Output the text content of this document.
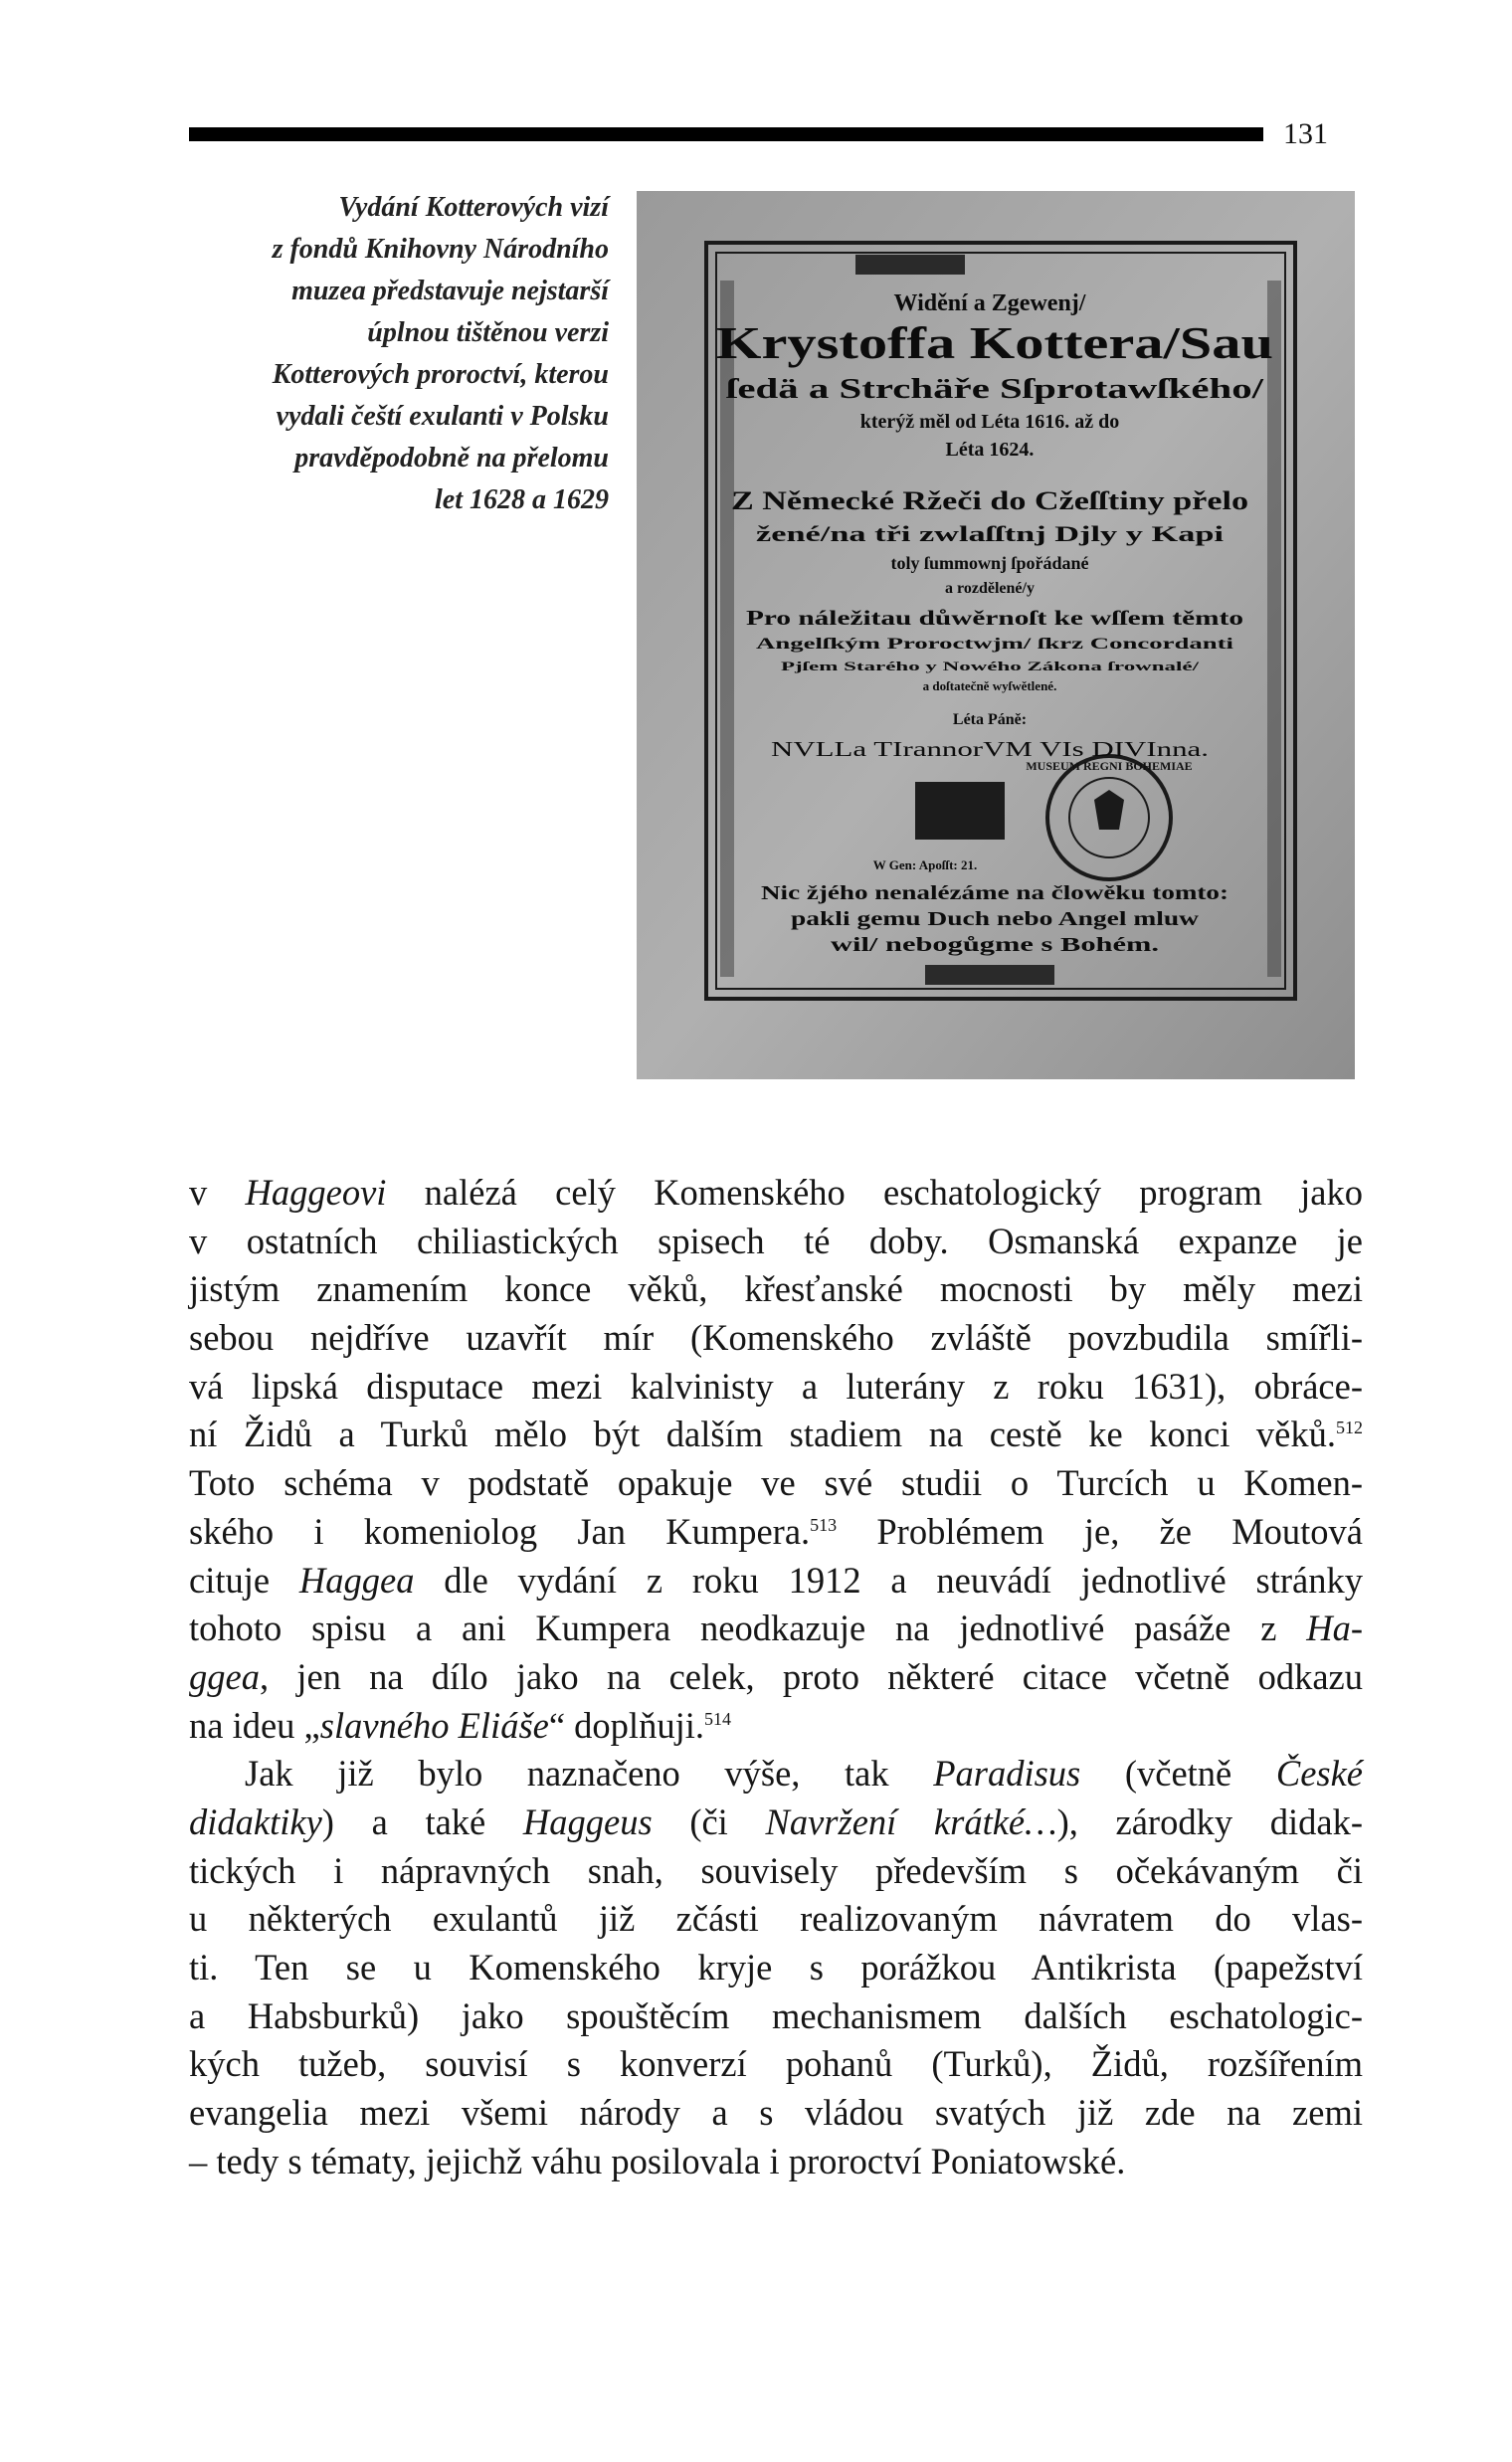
131
Vydání Kotterových vizí
z fondů Knihovny Národního
muzea představuje nejstarší
úplnou tištěnou verzi
Kotterových proroctví, kterou
vydali čeští exulanti v Polsku
pravděpodobně na přelomu
let 1628 a 1629
MUSEUM REGNI BOHEMIAE
Widění a Zgewenj/
Krystoffa Kottera/Sau
ſedä a Strchäře Sſprotawſkého/
kterýž měl od Léta 1616. až do
Léta 1624.
Z Německé Ržeči do Cžeſſtiny přelo
žené/na tři zwlaſſtnj Djly y Kapi
toly ſummownj ſpořádané
a rozdělené/y
Pro náležitau důwěrnoſt ke wſſem těmto
Angelſkým Proroctwjm/ ſkrz Concordanti
Pjſem Starého y Nowého Zákona ſrownalé/
a doſtatečně wyſwětlené.
Léta Páně:
NVLLa TIrannorVM VIs DIVInna.
W Gen: Apoſſt: 21.
Nic žjého nenalézáme na člowěku tomto:
pakli gemu Duch nebo Angel mluw
wil/ nebogůgme s Bohém.
v Haggeovi nalézá celý Komenského eschatologický program jako
v ostatních chiliastických spisech té doby. Osmanská expanze je
jistým znamením konce věků, křesťanské mocnosti by měly mezi
sebou nejdříve uzavřít mír (Komenského zvláště povzbudila smířli-
vá lipská disputace mezi kalvinisty a luterány z roku 1631), obráce-
ní Židů a Turků mělo být dalším stadiem na cestě ke konci věků.$^{512}$
Toto schéma v podstatě opakuje ve své studii o Turcích u Komen-
ského i komeniolog Jan Kumpera.$^{513}$ Problémem je, že Moutová
cituje Haggea dle vydání z roku 1912 a neuvádí jednotlivé stránky
tohoto spisu a ani Kumpera neodkazuje na jednotlivé pasáže z Ha-
ggea, jen na dílo jako na celek, proto některé citace včetně odkazu
na ideu „slavného Eliáše“ doplňuji.$^{514}$
Jak již bylo naznačeno výše, tak Paradisus (včetně České
didaktiky) a také Haggeus (či Navržení krátké…), zárodky didak-
tických i nápravných snah, souvisely především s očekávaným či
u některých exulantů již zčásti realizovaným návratem do vlas-
ti. Ten se u Komenského kryje s porážkou Antikrista (papežství
a Habsburků) jako spouštěcím mechanismem dalších eschatologic-
kých tužeb, souvisí s konverzí pohanů (Turků), Židů, rozšířením
evangelia mezi všemi národy a s vládou svatých již zde na zemi
– tedy s tématy, jejichž váhu posilovala i proroctví Poniatowské.
